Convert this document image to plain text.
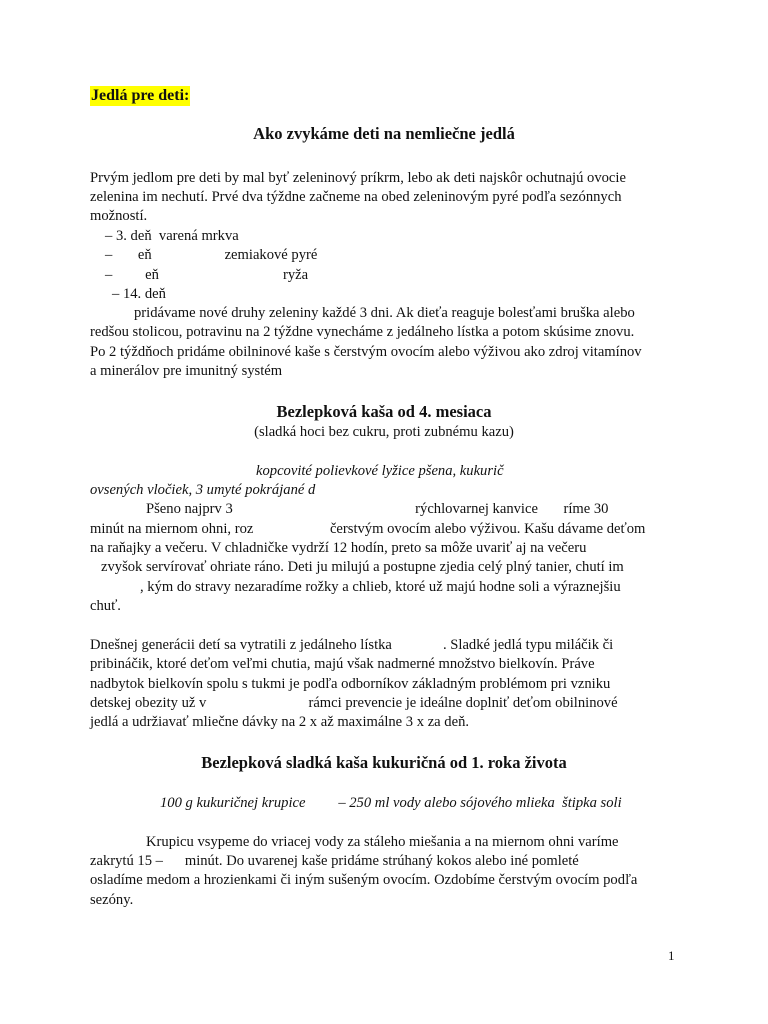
Jedlá pre deti:
Ako zvykáme deti na nemliečne jedlá
Prvým jedlom pre deti by mal byť zeleninový príkrm, lebo ak deti najskôr ochutnajú ovocie
zelenina im nechutí. Prvé dva týždne začneme na obed zeleninovým pyré podľa sezónnych
možností.
– 3. deň  varená mrkva
–       eň                    zemiakové pyré
–         eň                                  ryža
– 14. deň
pridávame nové druhy zeleniny každé 3 dni. Ak dieťa reaguje bolesťami bruška alebo
redšou stolicou, potravinu na 2 týždne vynecháme z jedálneho lístka a potom skúsime znovu.
Po 2 týždňoch pridáme obilninové kaše s čerstvým ovocím alebo výživou ako zdroj vitamínov
a minerálov pre imunitný systém
Bezlepková kaša od 4. mesiaca
(sladká hoci bez cukru, proti zubnému kazu)
kopcovité polievkové lyžice pšena, kukurič
ovsených vločiek, 3 umyté pokrájané d
Pšeno najprv 3                                                  rýchlovarnej kanvice       ríme 30
minút na miernom ohni, roz                     čerstvým ovocím alebo výživou. Kašu dávame deťom
na raňajky a večeru. V chladničke vydrží 12 hodín, preto sa môže uvariť aj na večeru
zvyšok servírovať ohriate ráno. Deti ju milujú a postupne zjedia celý plný tanier, chutí im
, kým do stravy nezaradíme rožky a chlieb, ktoré už majú hodne soli a výraznejšiu
chuť.
Dnešnej generácii detí sa vytratili z jedálneho lístka              . Sladké jedlá typu miláčik či
pribináčik, ktoré deťom veľmi chutia, majú však nadmerné množstvo bielkovín. Práve
nadbytok bielkovín spolu s tukmi je podľa odborníkov základným problémom pri vzniku
detskej obezity už v                            rámci prevencie je ideálne doplniť deťom obilninové
jedlá a udržiavať mliečne dávky na 2 x až maximálne 3 x za deň.
Bezlepková sladká kaša kukuričná od 1. roka života
100 g kukuričnej krupice         – 250 ml vody alebo sójového mlieka  štipka soli
Krupicu vsypeme do vriacej vody za stáleho miešania a na miernom ohni varíme
zakrytú 15 –      minút. Do uvarenej kaše pridáme strúhaný kokos alebo iné pomleté
osladíme medom a hrozienkami či iným sušeným ovocím. Ozdobíme čerstvým ovocím podľa
sezóny.
1
